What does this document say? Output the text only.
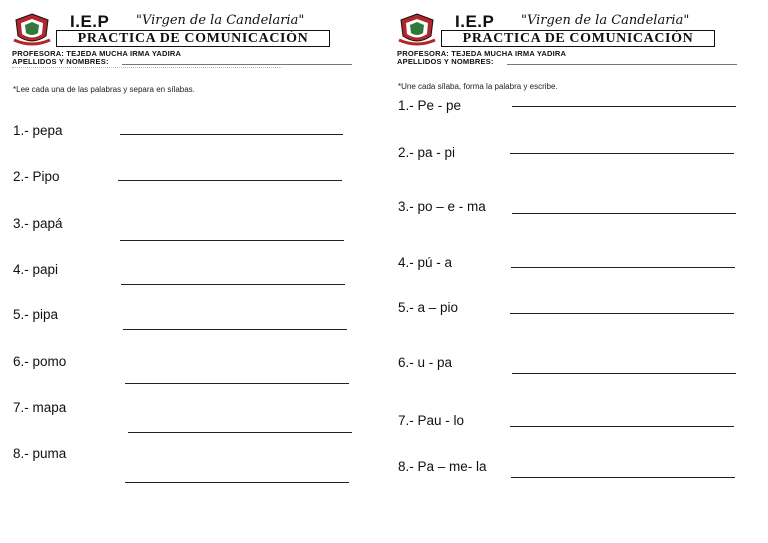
I.E.P "Virgen de la Candelaria"
PRACTICA DE COMUNICACIÓN
PROFESORA: TEJEDA MUCHA IRMA YADIRA
APELLIDOS Y NOMBRES:
*Lee cada una de las palabras y separa en sílabas.
1.- pepa
2.- Pipo
3.- papá
4.- papi
5.- pipa
6.- pomo
7.- mapa
8.- puma
I.E.P "Virgen de la Candelaria"
PRACTICA DE COMUNICACIÓN
PROFESORA: TEJEDA MUCHA IRMA YADIRA
APELLIDOS Y NOMBRES:
*Une cada sílaba, forma la palabra y escribe.
1.- Pe - pe
2.- pa - pi
3.- po – e - ma
4.- pú - a
5.- a – pio
6.- u - pa
7.- Pau - lo
8.- Pa – me- la
